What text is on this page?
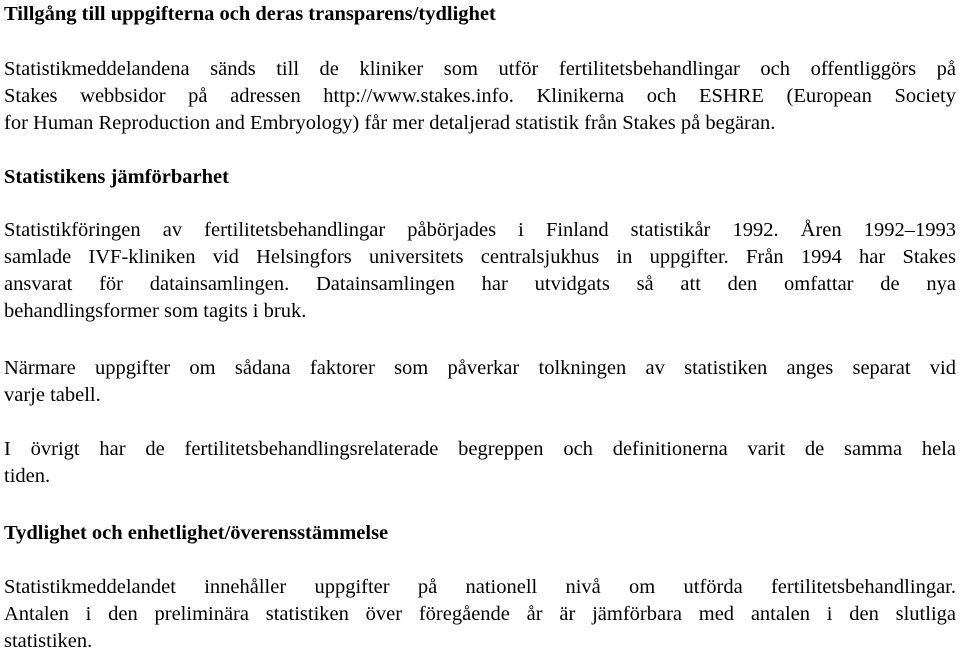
Tillgång till uppgifterna och deras transparens/tydlighet
Statistikmeddelandena sänds till de kliniker som utför fertilitetsbehandlingar och offentliggörs på
Stakes webbsidor på adressen http://www.stakes.info. Klinikerna och ESHRE (European Society
for Human Reproduction and Embryology) får mer detaljerad statistik från Stakes på begäran.
Statistikens jämförbarhet
Statistikföringen av fertilitetsbehandlingar påbörjades i Finland statistikår 1992. Åren 1992–1993
samlade IVF-kliniken vid Helsingfors universitets centralsjukhus in uppgifter. Från 1994 har Stakes
ansvarat för datainsamlingen. Datainsamlingen har utvidgats så att den omfattar de nya
behandlingsformer som tagits i bruk.
Närmare uppgifter om sådana faktorer som påverkar tolkningen av statistiken anges separat vid
varje tabell.
I övrigt har de fertilitetsbehandlingsrelaterade begreppen och definitionerna varit de samma hela
tiden.
Tydlighet och enhetlighet/överensstämmelse
Statistikmeddelandet innehåller uppgifter på nationell nivå om utförda fertilitetsbehandlingar.
Antalen i den preliminära statistiken över föregående år är jämförbara med antalen i den slutliga
statistiken.
